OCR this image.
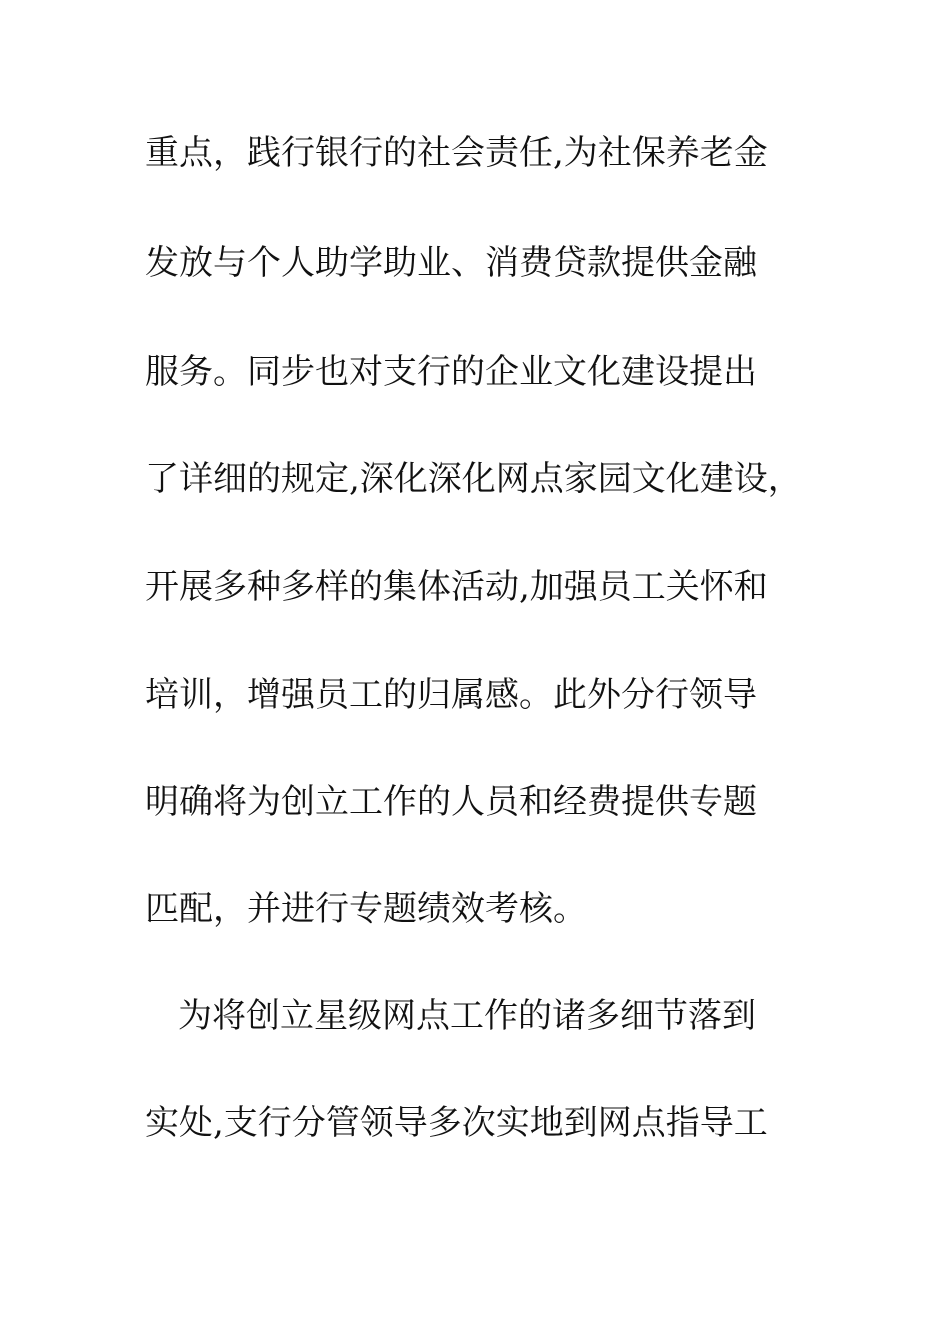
重点，践行银行的社会责任,为社保养老金
发放与个人助学助业、消费贷款提供金融
服务。同步也对支行的企业文化建设提出
了详细的规定,深化深化网点家园文化建设，
开展多种多样的集体活动,加强员工关怀和
培训，增强员工的归属感。此外分行领导
明确将为创立工作的人员和经费提供专题
匹配，并进行专题绩效考核。
为将创立星级网点工作的诸多细节落到
实处,支行分管领导多次实地到网点指导工
